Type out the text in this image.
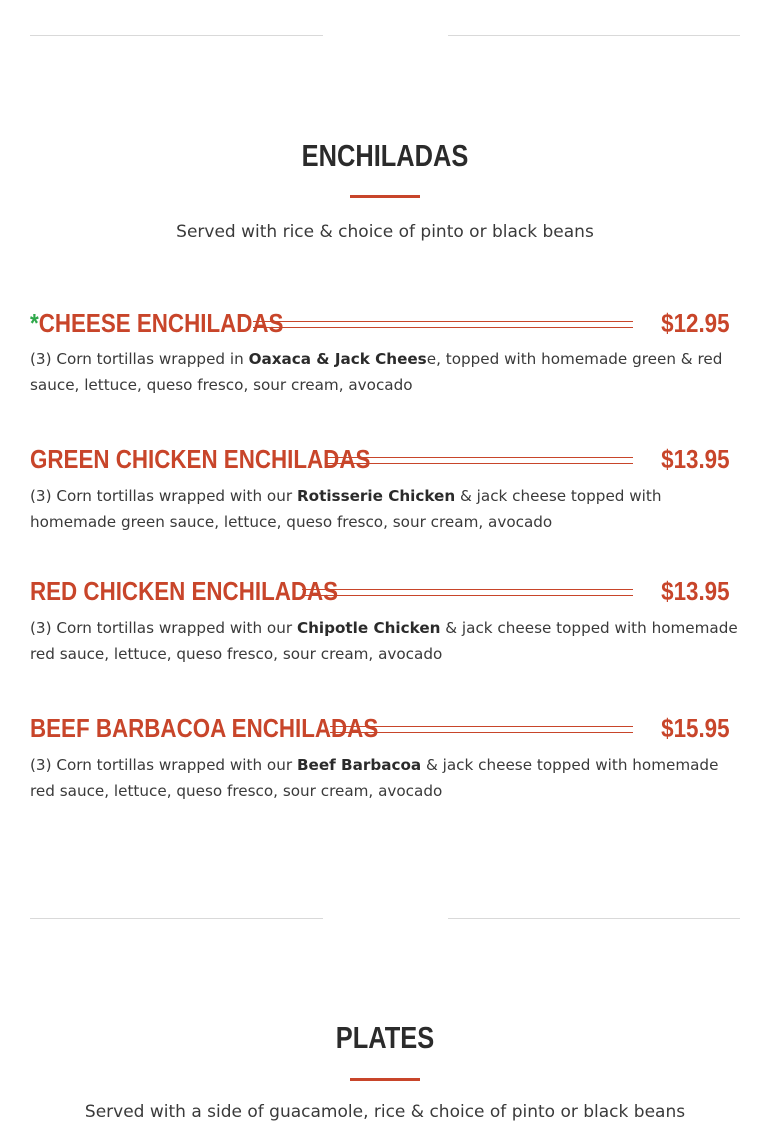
ENCHILADAS
Served with rice & choice of pinto or black beans
*CHEESE ENCHILADAS	$12.95
(3) Corn tortillas wrapped in Oaxaca & Jack Cheese, topped with homemade green & red sauce, lettuce, queso fresco, sour cream, avocado
GREEN CHICKEN ENCHILADAS	$13.95
(3) Corn tortillas wrapped with our Rotisserie Chicken & jack cheese topped with homemade green sauce, lettuce, queso fresco, sour cream, avocado
RED CHICKEN ENCHILADAS	$13.95
(3) Corn tortillas wrapped with our Chipotle Chicken & jack cheese topped with homemade red sauce, lettuce, queso fresco, sour cream, avocado
BEEF BARBACOA ENCHILADAS	$15.95
(3) Corn tortillas wrapped with our Beef Barbacoa & jack cheese topped with homemade red sauce, lettuce, queso fresco, sour cream, avocado
PLATES
Served with a side of guacamole, rice & choice of pinto or black beans
